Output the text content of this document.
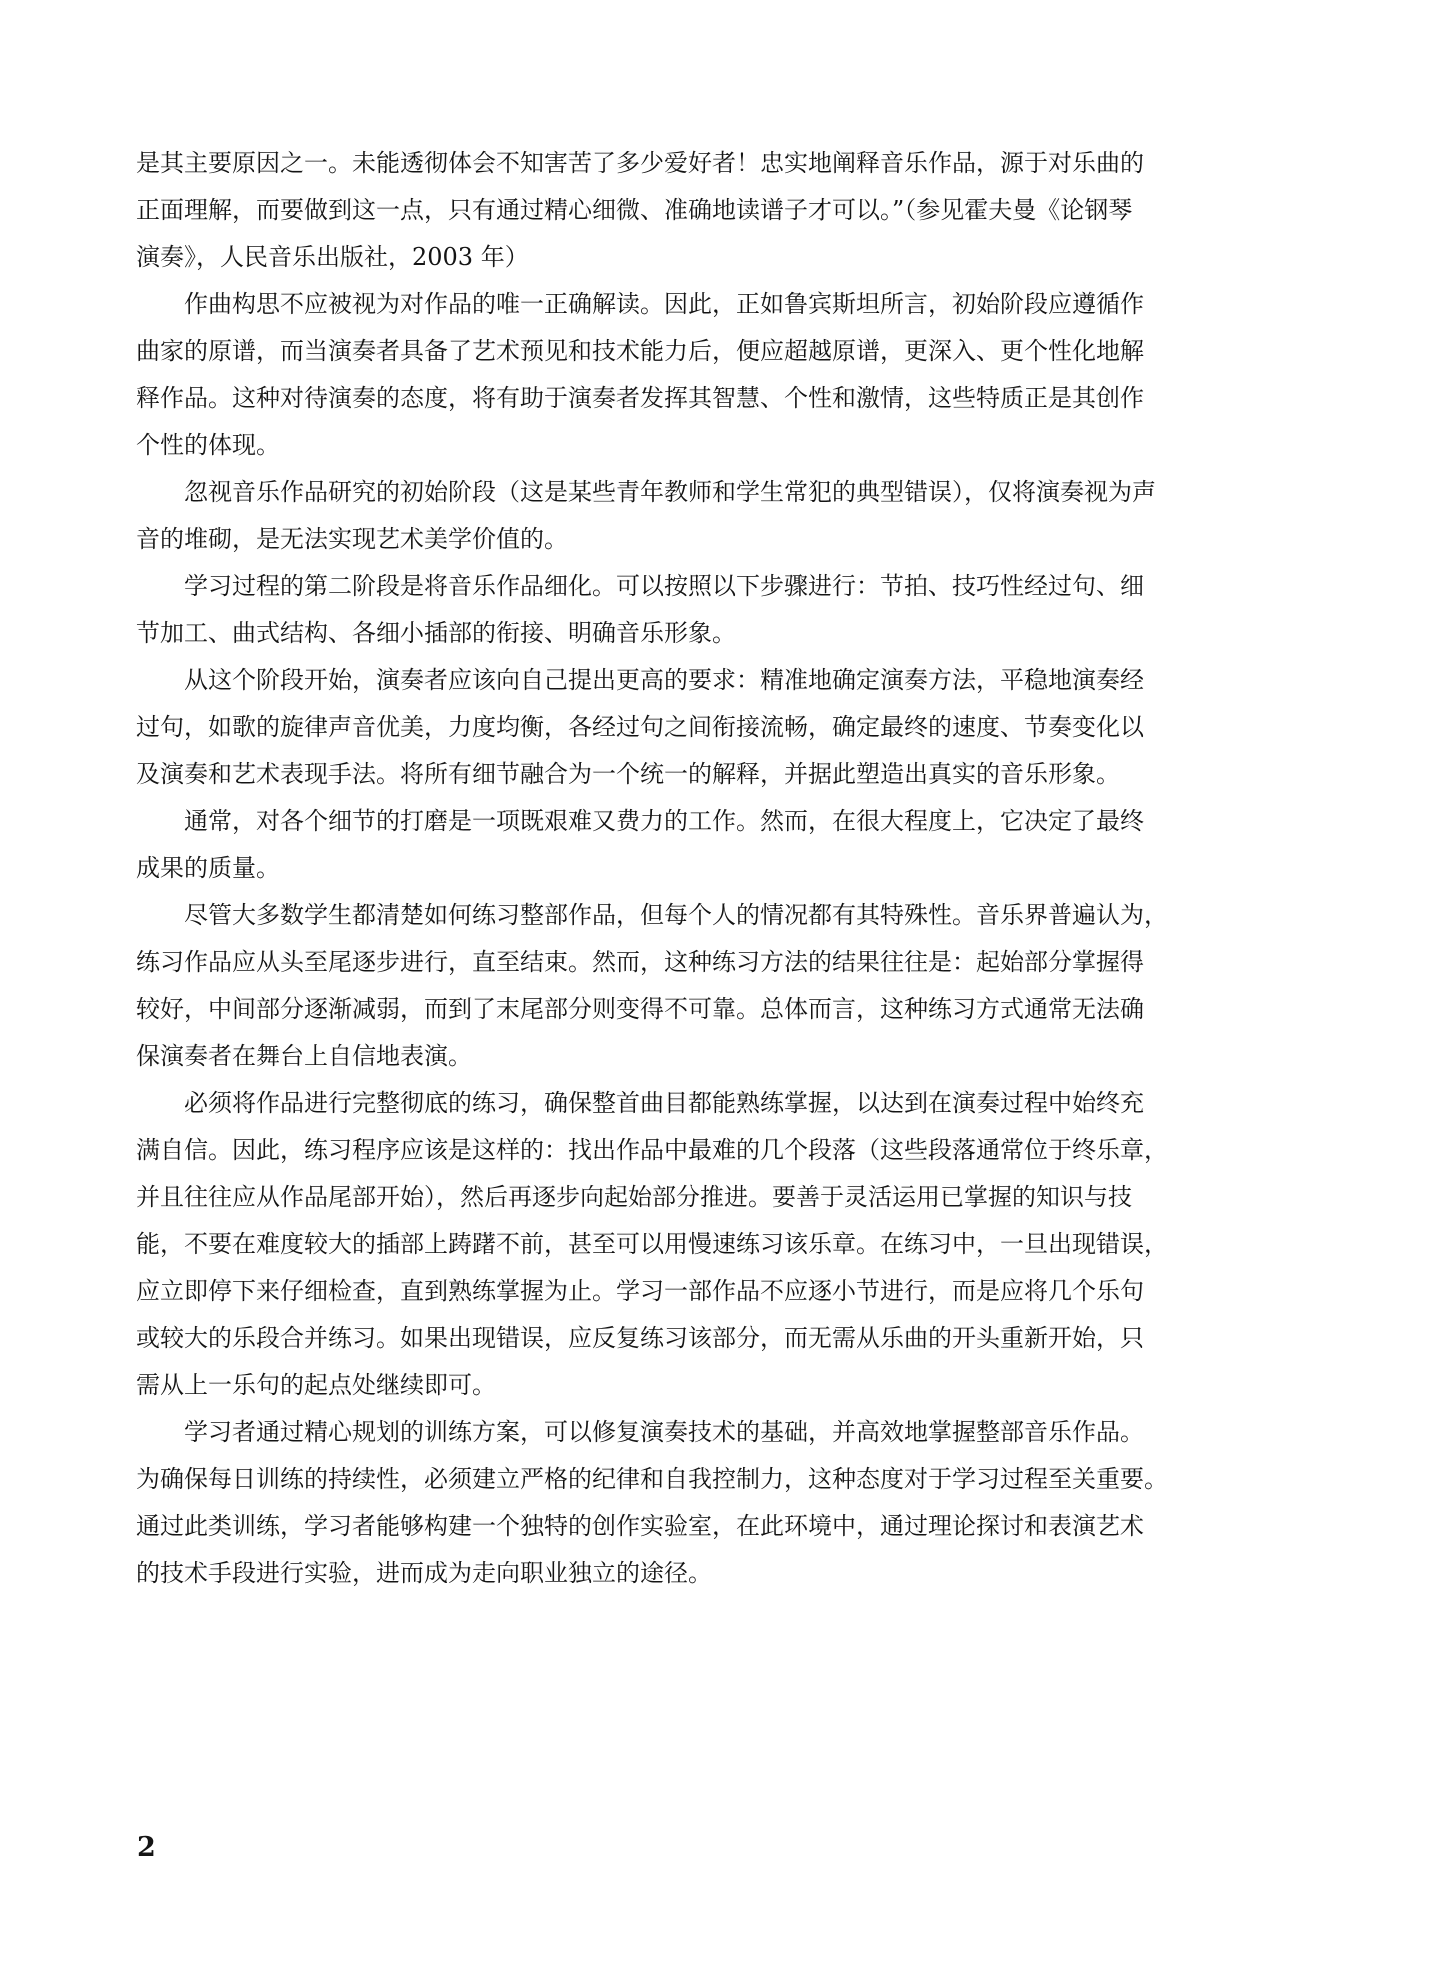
是其主要原因之一。未能透彻体会不知害苦了多少爱好者！忠实地阐释音乐作品，源于对乐曲的
正面理解，而要做到这一点，只有通过精心细微、准确地读谱子才可以。”（参见霍夫曼《论钢琴
演奏》，人民音乐出版社，2003 年）
作曲构思不应被视为对作品的唯一正确解读。因此，正如鲁宾斯坦所言，初始阶段应遵循作
曲家的原谱，而当演奏者具备了艺术预见和技术能力后，便应超越原谱，更深入、更个性化地解
释作品。这种对待演奏的态度，将有助于演奏者发挥其智慧、个性和激情，这些特质正是其创作
个性的体现。
忽视音乐作品研究的初始阶段（这是某些青年教师和学生常犯的典型错误），仅将演奏视为声
音的堆砌，是无法实现艺术美学价值的。
学习过程的第二阶段是将音乐作品细化。可以按照以下步骤进行：节拍、技巧性经过句、细
节加工、曲式结构、各细小插部的衔接、明确音乐形象。
从这个阶段开始，演奏者应该向自己提出更高的要求：精准地确定演奏方法，平稳地演奏经
过句，如歌的旋律声音优美，力度均衡，各经过句之间衔接流畅，确定最终的速度、节奏变化以
及演奏和艺术表现手法。将所有细节融合为一个统一的解释，并据此塑造出真实的音乐形象。
通常，对各个细节的打磨是一项既艰难又费力的工作。然而，在很大程度上，它决定了最终
成果的质量。
尽管大多数学生都清楚如何练习整部作品，但每个人的情况都有其特殊性。音乐界普遍认为，
练习作品应从头至尾逐步进行，直至结束。然而，这种练习方法的结果往往是：起始部分掌握得
较好，中间部分逐渐减弱，而到了末尾部分则变得不可靠。总体而言，这种练习方式通常无法确
保演奏者在舞台上自信地表演。
必须将作品进行完整彻底的练习，确保整首曲目都能熟练掌握，以达到在演奏过程中始终充
满自信。因此，练习程序应该是这样的：找出作品中最难的几个段落（这些段落通常位于终乐章，
并且往往应从作品尾部开始），然后再逐步向起始部分推进。要善于灵活运用已掌握的知识与技
能，不要在难度较大的插部上踌躇不前，甚至可以用慢速练习该乐章。在练习中，一旦出现错误，
应立即停下来仔细检查，直到熟练掌握为止。学习一部作品不应逐小节进行，而是应将几个乐句
或较大的乐段合并练习。如果出现错误，应反复练习该部分，而无需从乐曲的开头重新开始，只
需从上一乐句的起点处继续即可。
学习者通过精心规划的训练方案，可以修复演奏技术的基础，并高效地掌握整部音乐作品。
为确保每日训练的持续性，必须建立严格的纪律和自我控制力，这种态度对于学习过程至关重要。
通过此类训练，学习者能够构建一个独特的创作实验室，在此环境中，通过理论探讨和表演艺术
的技术手段进行实验，进而成为走向职业独立的途径。
2
